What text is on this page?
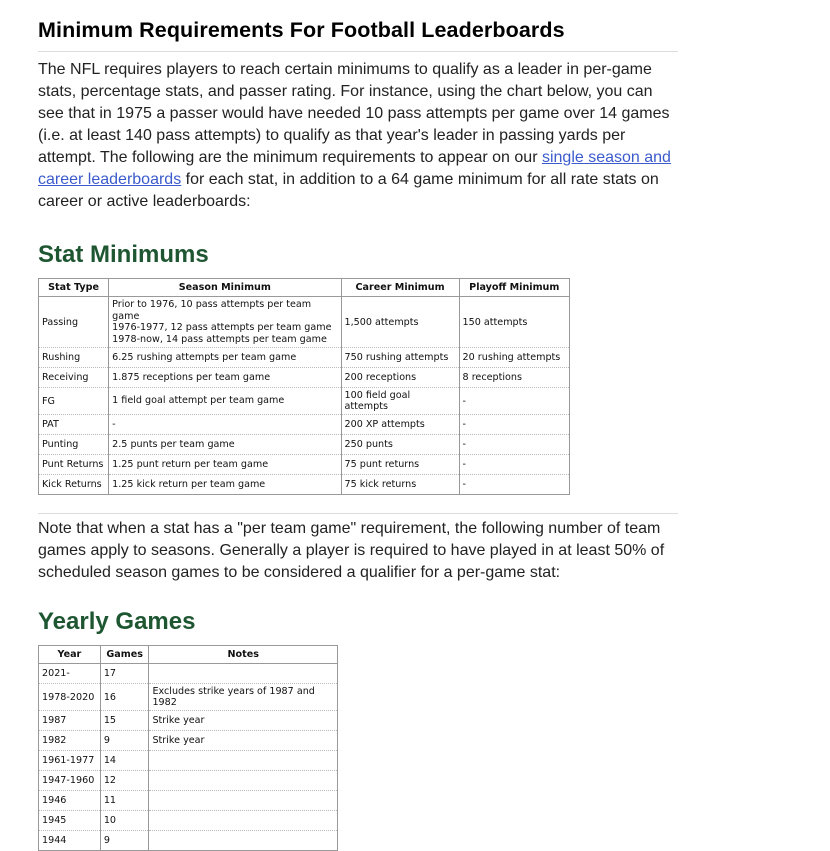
Minimum Requirements For Football Leaderboards

The NFL requires players to reach certain minimums to qualify as a leader in per-game stats, percentage stats, and passer rating. For instance, using the chart below, you can see that in 1975 a passer would have needed 10 pass attempts per game over 14 games (i.e. at least 140 pass attempts) to qualify as that year's leader in passing yards per attempt. The following are the minimum requirements to appear on our single season and career leaderboards for each stat, in addition to a 64 game minimum for all rate stats on career or active leaderboards:

Stat Minimums
Stat Type	Season Minimum	Career Minimum	Playoff Minimum
Passing	Prior to 1976, 10 pass attempts per team game
1976-1977, 12 pass attempts per team game
1978-now, 14 pass attempts per team game	1,500 attempts	150 attempts
Rushing	6.25 rushing attempts per team game	750 rushing attempts	20 rushing attempts
Receiving	1.875 receptions per team game	200 receptions	8 receptions
FG	1 field goal attempt per team game	100 field goal attempts	-
PAT	-	200 XP attempts	-
Punting	2.5 punts per team game	250 punts	-
Punt Returns	1.25 punt return per team game	75 punt returns	-
Kick Returns	1.25 kick return per team game	75 kick returns	-

Note that when a stat has a "per team game" requirement, the following number of team games apply to seasons. Generally a player is required to have played in at least 50% of scheduled season games to be considered a qualifier for a per-game stat:

Yearly Games
Year	Games	Notes
2021-	17	
1978-2020	16	Excludes strike years of 1987 and 1982
1987	15	Strike year
1982	9	Strike year
1961-1977	14	
1947-1960	12	
1946	11	
1945	10	
1944	9	
